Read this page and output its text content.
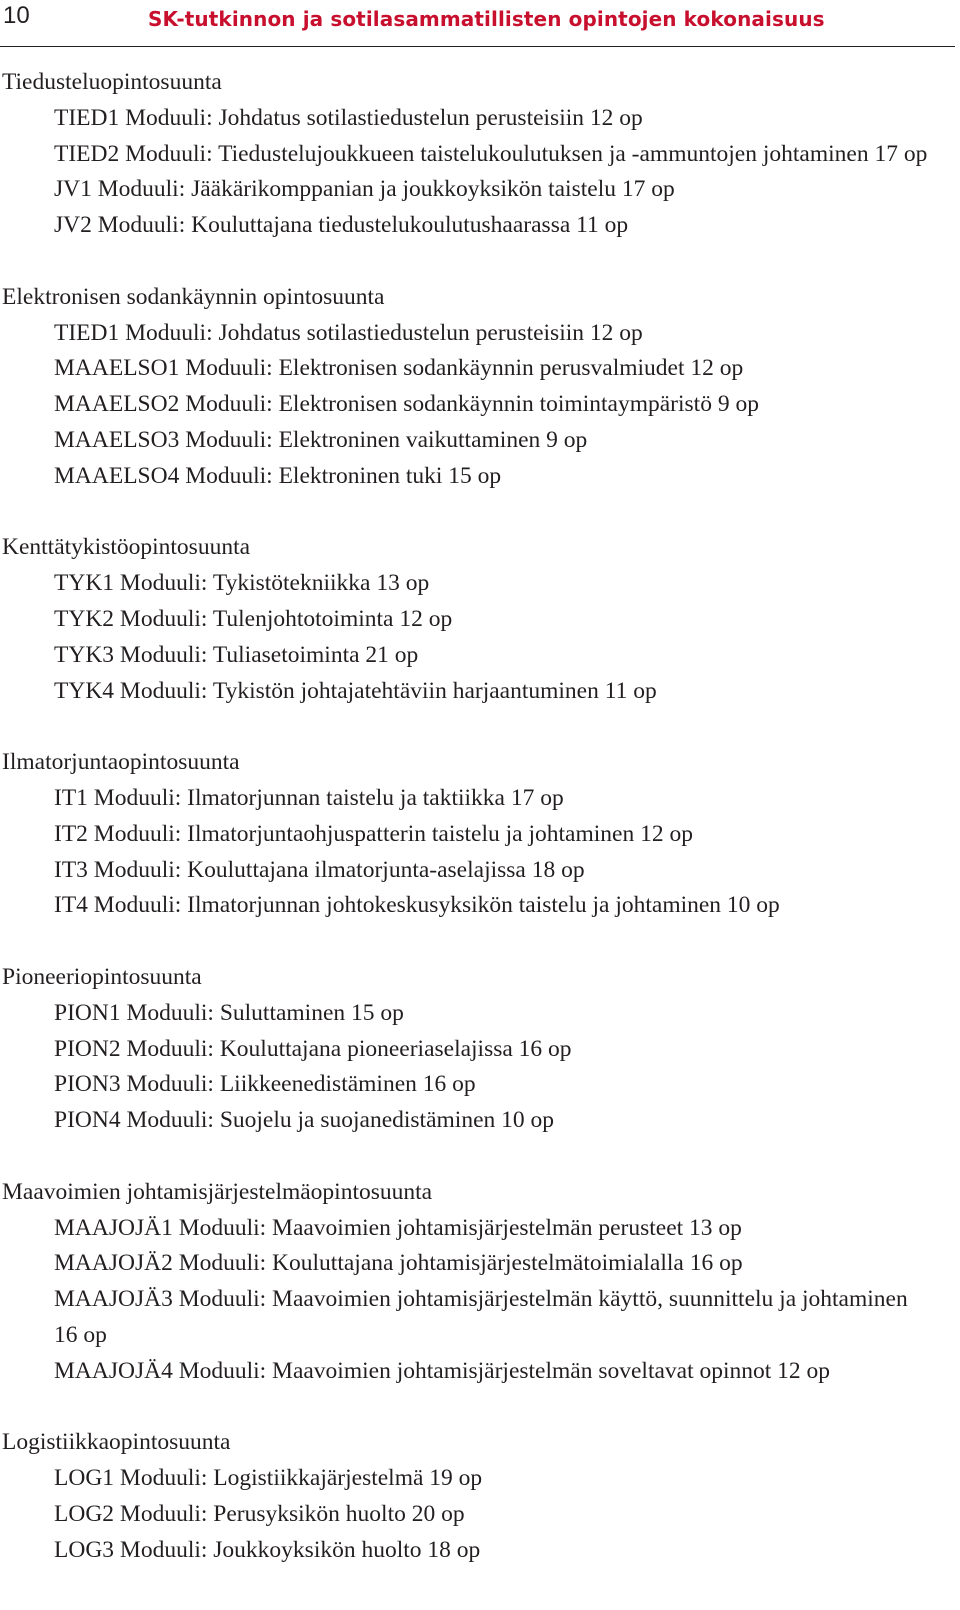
10	SK-tutkinnon ja sotilasammatillisten opintojen kokonaisuus
Tiedusteluopintosuunta
TIED1 Moduuli: Johdatus sotilastiedustelun perusteisiin 12 op
TIED2 Moduuli: Tiedustelujoukkueen taistelukoulutuksen ja -ammuntojen johtaminen 17 op
JV1 Moduuli: Jääkärikomppanian ja joukkoyksikön taistelu 17 op
JV2 Moduuli: Kouluttajana tiedustelukoulutushaarassa 11 op
Elektronisen sodankäynnin opintosuunta
TIED1 Moduuli: Johdatus sotilastiedustelun perusteisiin 12 op
MAAELSO1 Moduuli: Elektronisen sodankäynnin perusvalmiudet 12 op
MAAELSO2 Moduuli: Elektronisen sodankäynnin toimintaympäristö 9 op
MAAELSO3 Moduuli: Elektroninen vaikuttaminen 9 op
MAAELSO4 Moduuli: Elektroninen tuki 15 op
Kenttätykistöopintosuunta
TYK1 Moduuli: Tykistötekniikka 13 op
TYK2 Moduuli: Tulenjohtotoiminta 12 op
TYK3 Moduuli: Tuliasetoiminta 21 op
TYK4 Moduuli: Tykistön johtajatehtäviin harjaantuminen 11 op
Ilmatorjuntaopintosuunta
IT1 Moduuli: Ilmatorjunnan taistelu ja taktiikka 17 op
IT2 Moduuli: Ilmatorjuntaohjuspatterin taistelu ja johtaminen 12 op
IT3 Moduuli: Kouluttajana ilmatorjunta-aselajissa 18 op
IT4 Moduuli: Ilmatorjunnan johtokeskusyksikön taistelu ja johtaminen 10 op
Pioneeriopintosuunta
PION1 Moduuli: Suluttaminen 15 op
PION2 Moduuli: Kouluttajana pioneeriaselajissa 16 op
PION3 Moduuli: Liikkeenedistäminen 16 op
PION4 Moduuli: Suojelu ja suojanedistäminen 10 op
Maavoimien johtamisjärjestelmäopintosuunta
MAAJOJÄ1 Moduuli: Maavoimien johtamisjärjestelmän perusteet 13 op
MAAJOJÄ2 Moduuli: Kouluttajana johtamisjärjestelmätoimialalla 16 op
MAAJOJÄ3 Moduuli: Maavoimien johtamisjärjestelmän käyttö, suunnittelu ja johtaminen 16 op
MAAJOJÄ4 Moduuli: Maavoimien johtamisjärjestelmän soveltavat opinnot 12 op
Logistiikkaopintosuunta
LOG1 Moduuli: Logistiikkajärjestelmä 19 op
LOG2 Moduuli: Perusyksikön huolto 20 op
LOG3 Moduuli: Joukkoyksikön huolto 18 op
